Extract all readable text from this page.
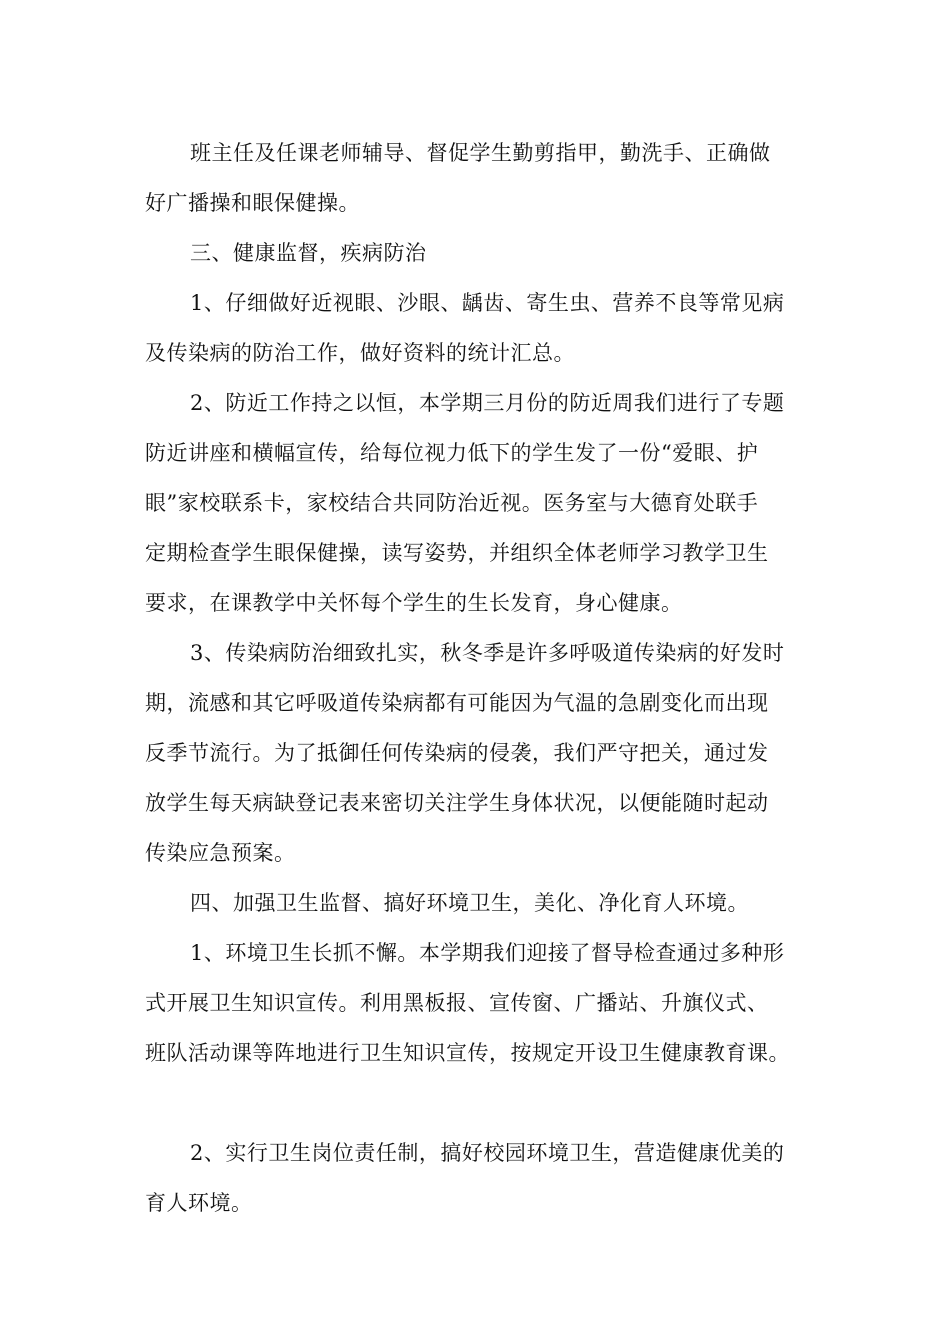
班主任及任课老师辅导、督促学生勤剪指甲，勤洗手、正确做
好广播操和眼保健操。
三、健康监督，疾病防治
1、仔细做好近视眼、沙眼、龋齿、寄生虫、营养不良等常见病
及传染病的防治工作，做好资料的统计汇总。
2、防近工作持之以恒，本学期三月份的防近周我们进行了专题
防近讲座和横幅宣传，给每位视力低下的学生发了一份“爱眼、护
眼”家校联系卡，家校结合共同防治近视。医务室与大德育处联手
定期检查学生眼保健操，读写姿势，并组织全体老师学习教学卫生
要求，在课教学中关怀每个学生的生长发育，身心健康。
3、传染病防治细致扎实，秋冬季是许多呼吸道传染病的好发时
期，流感和其它呼吸道传染病都有可能因为气温的急剧变化而出现
反季节流行。为了抵御任何传染病的侵袭，我们严守把关，通过发
放学生每天病缺登记表来密切关注学生身体状况，以便能随时起动
传染应急预案。
四、加强卫生监督、搞好环境卫生，美化、净化育人环境。
1、环境卫生长抓不懈。本学期我们迎接了督导检查通过多种形
式开展卫生知识宣传。利用黑板报、宣传窗、广播站、升旗仪式、
班队活动课等阵地进行卫生知识宣传，按规定开设卫生健康教育课。
2、实行卫生岗位责任制，搞好校园环境卫生，营造健康优美的
育人环境。
